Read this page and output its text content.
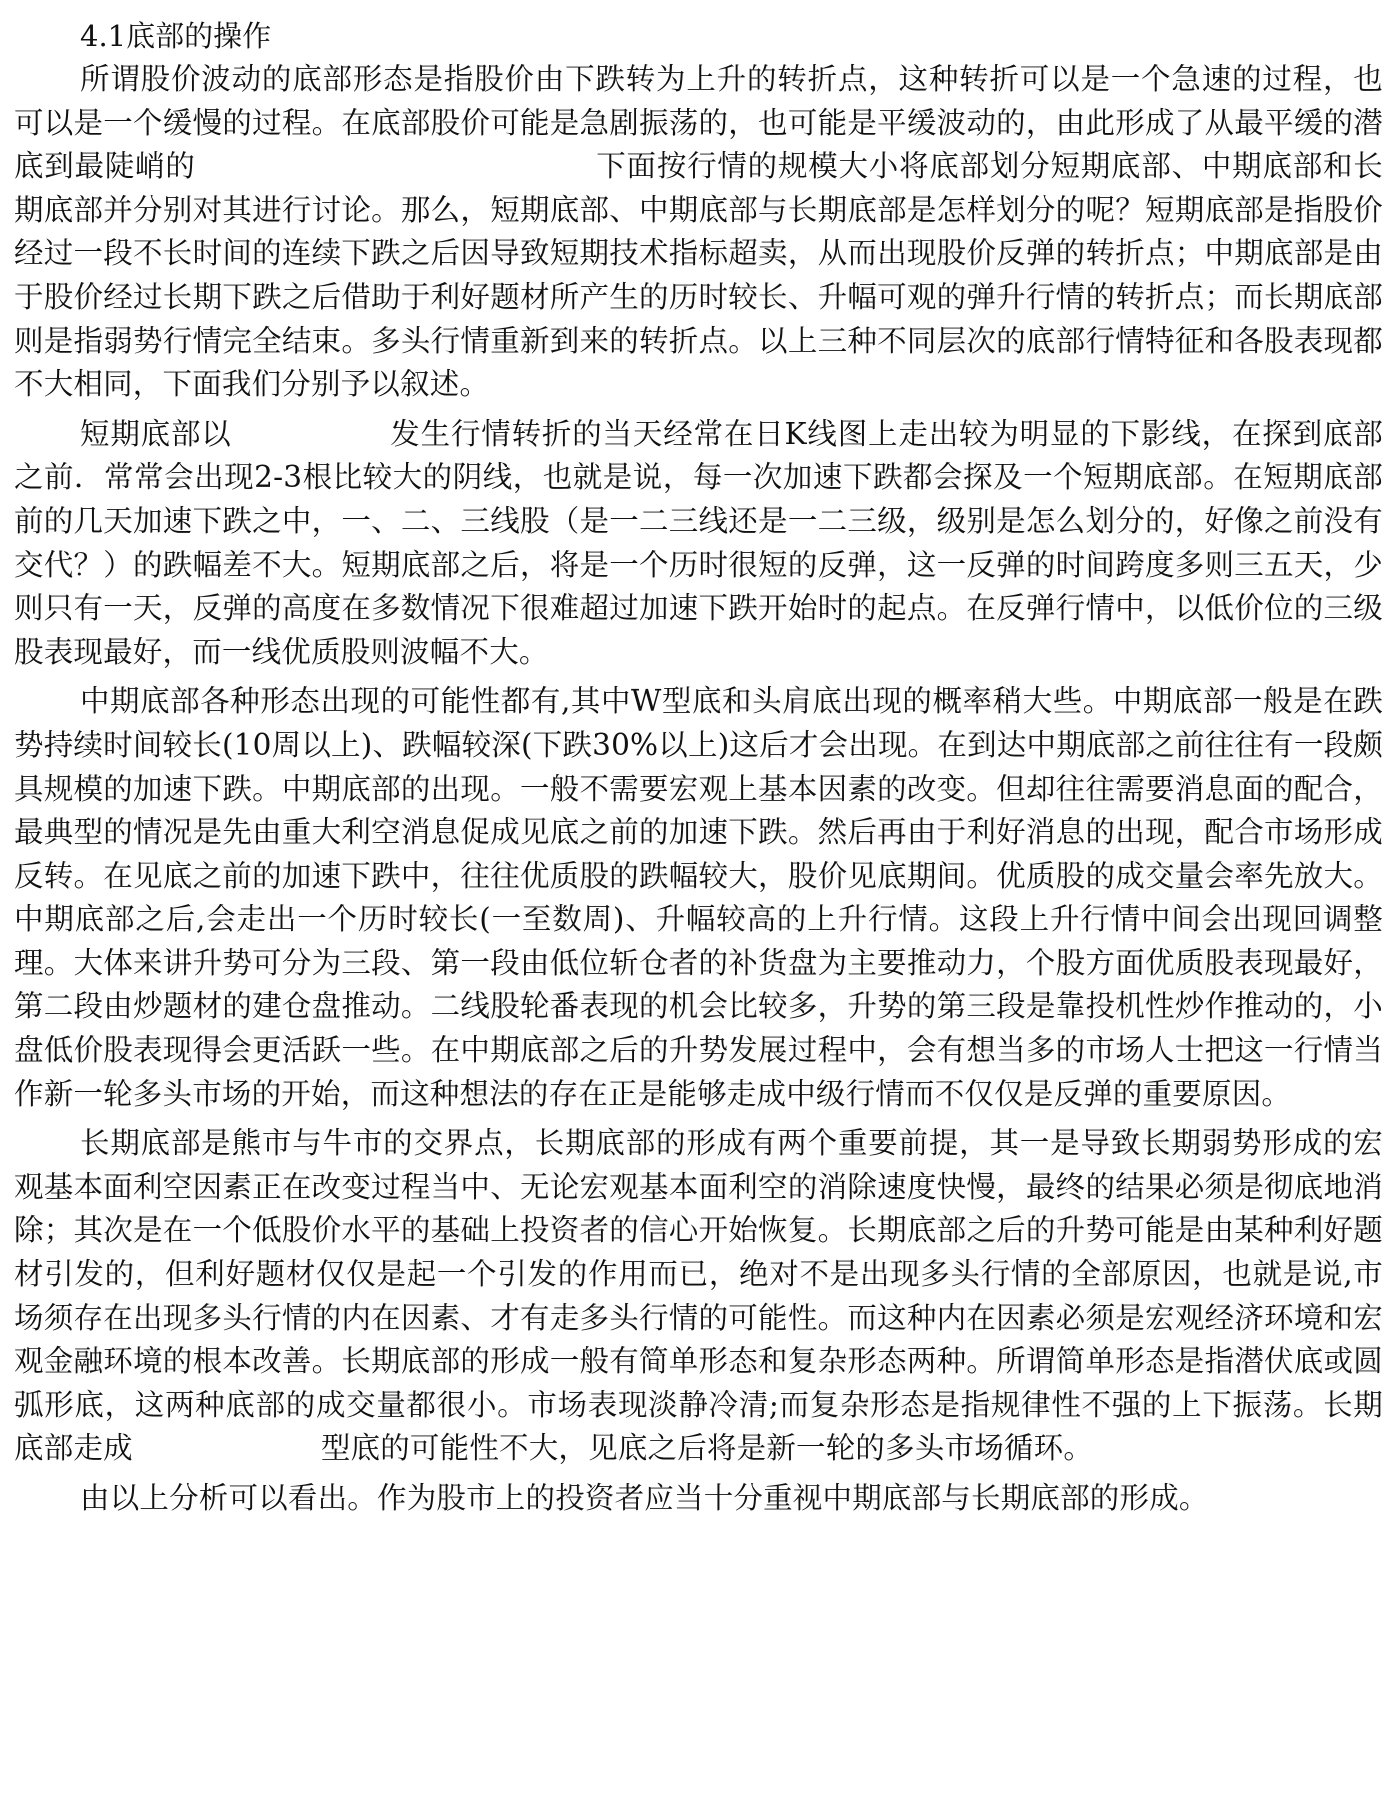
4.1底部的操作

所谓股价波动的底部形态是指股价由下跌转为上升的转折点，这种转折可以是一个急速的过程，也可以是一个缓慢的过程。在底部股价可能是急剧振荡的，也可能是平缓波动的，由此形成了从最平缓的潜底到最陡峭的	下面按行情的规模大小将底部划分短期底部、中期底部和长期底部并分别对其进行讨论。那么，短期底部、中期底部与长期底部是怎样划分的呢？短期底部是指股价经过一段不长时间的连续下跌之后因导致短期技术指标超卖，从而出现股价反弹的转折点；中期底部是由于股价经过长期下跌之后借助于利好题材所产生的历时较长、升幅可观的弹升行情的转折点；而长期底部则是指弱势行情完全结束。多头行情重新到来的转折点。以上三种不同层次的底部行情特征和各股表现都不大相同，下面我们分别予以叙述。

短期底部以	发生行情转折的当天经常在日K线图上走出较为明显的下影线，在探到底部之前．常常会出现2-3根比较大的阴线，也就是说，每一次加速下跌都会探及一个短期底部。在短期底部前的几天加速下跌之中，一、二、三线股（是一二三线还是一二三级，级别是怎么划分的，好像之前没有交代？）的跌幅差不大。短期底部之后，将是一个历时很短的反弹，这一反弹的时间跨度多则三五天，少则只有一天，反弹的高度在多数情况下很难超过加速下跌开始时的起点。在反弹行情中，以低价位的三级股表现最好，而一线优质股则波幅不大。

中期底部各种形态出现的可能性都有,其中W型底和头肩底出现的概率稍大些。中期底部一般是在跌势持续时间较长(10周以上)、跌幅较深(下跌30%以上)这后才会出现。在到达中期底部之前往往有一段颇具规模的加速下跌。中期底部的出现。一般不需要宏观上基本因素的改变。但却往往需要消息面的配合，最典型的情况是先由重大利空消息促成见底之前的加速下跌。然后再由于利好消息的出现，配合市场形成反转。在见底之前的加速下跌中，往往优质股的跌幅较大，股价见底期间。优质股的成交量会率先放大。中期底部之后,会走出一个历时较长(一至数周)、升幅较高的上升行情。这段上升行情中间会出现回调整理。大体来讲升势可分为三段、第一段由低位斩仓者的补货盘为主要推动力，个股方面优质股表现最好，第二段由炒题材的建仓盘推动。二线股轮番表现的机会比较多，升势的第三段是靠投机性炒作推动的，小盘低价股表现得会更活跃一些。在中期底部之后的升势发展过程中，会有想当多的市场人士把这一行情当作新一轮多头市场的开始，而这种想法的存在正是能够走成中级行情而不仅仅是反弹的重要原因。

长期底部是熊市与牛市的交界点，长期底部的形成有两个重要前提，其一是导致长期弱势形成的宏观基本面利空因素正在改变过程当中、无论宏观基本面利空的消除速度快慢，最终的结果必须是彻底地消除；其次是在一个低股价水平的基础上投资者的信心开始恢复。长期底部之后的升势可能是由某种利好题材引发的，但利好题材仅仅是起一个引发的作用而已，绝对不是出现多头行情的全部原因，也就是说,市场须存在出现多头行情的内在因素、才有走多头行情的可能性。而这种内在因素必须是宏观经济环境和宏观金融环境的根本改善。长期底部的形成一般有简单形态和复杂形态两种。所谓简单形态是指潜伏底或圆弧形底，这两种底部的成交量都很小。市场表现淡静冷清;而复杂形态是指规律性不强的上下振荡。长期底部走成	型底的可能性不大，见底之后将是新一轮的多头市场循环。

由以上分析可以看出。作为股市上的投资者应当十分重视中期底部与长期底部的形成。
